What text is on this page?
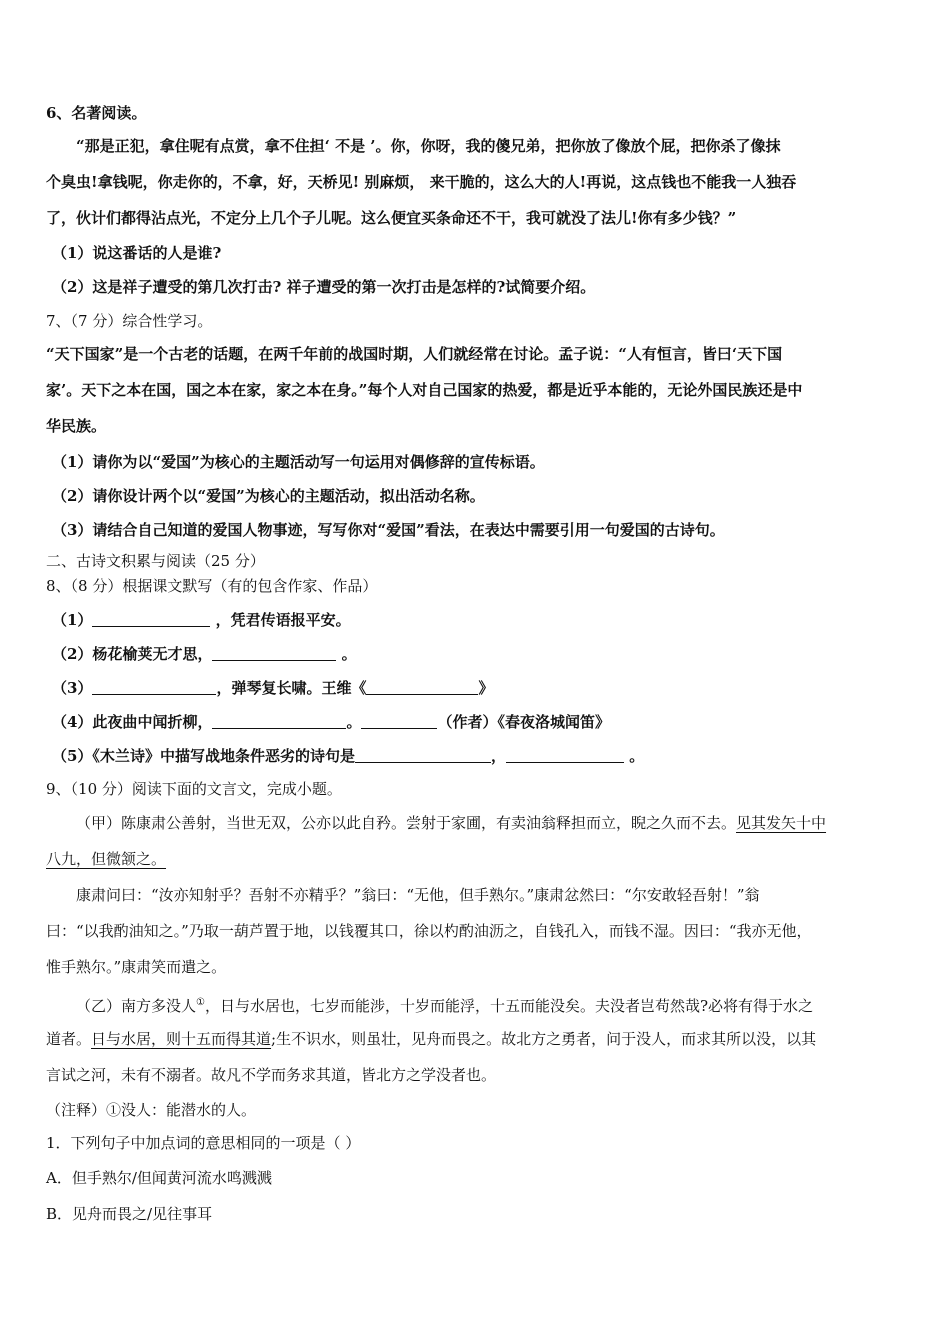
6、名著阅读。
“那是正犯，拿住呢有点赏，拿不住担‘ 不是 ’。你，你呀，我的傻兄弟，把你放了像放个屁，把你杀了像抹
个臭虫!拿钱呢，你走你的，不拿，好，天桥见! 别麻烦， 来干脆的，这么大的人!再说，这点钱也不能我一人独吞
了，伙计们都得沾点光，不定分上几个子儿呢。这么便宜买条命还不干，我可就没了法儿!你有多少钱？”
（1）说这番话的人是谁?
（2）这是祥子遭受的第几次打击? 祥子遭受的第一次打击是怎样的?试简要介绍。
7、（7 分）综合性学习。
“天下国家”是一个古老的话题，在两千年前的战国时期，人们就经常在讨论。孟子说：“人有恒言，皆曰‘天下国
家’。天下之本在国，国之本在家，家之本在身。”每个人对自己国家的热爱，都是近乎本能的，无论外国民族还是中
华民族。
（1）请你为以“爱国”为核心的主题活动写一句运用对偶修辞的宣传标语。
（2）请你设计两个以“爱国”为核心的主题活动，拟出活动名称。
（3）请结合自己知道的爱国人物事迹，写写你对“爱国”看法，在表达中需要引用一句爱国的古诗句。
二、古诗文积累与阅读（25 分）
8、（8 分）根据课文默写（有的包含作家、作品）
（1）	，凭君传语报平安。
（2）杨花榆荚无才思，	。
（3）	，弹琴复长啸。王维《	》
（4）此夜曲中闻折柳，	。	（作者）《春夜洛城闻笛》
（5）《木兰诗》中描写战地条件恶劣的诗句是	，	。
9、（10 分）阅读下面的文言文，完成小题。
（甲）陈康肃公善射，当世无双，公亦以此自矜。尝射于家圃，有卖油翁释担而立，睨之久而不去。见其发矢十中
八九，但微颔之。
康肃问曰：“汝亦知射乎？吾射不亦精乎？”翁曰：“无他，但手熟尔。”康肃忿然曰：“尔安敢轻吾射！”翁
曰：“以我酌油知之。”乃取一葫芦置于地，以钱覆其口，徐以杓酌油沥之，自钱孔入，而钱不湿。因曰：“我亦无他，
惟手熟尔。”康肃笑而遣之。
（乙）南方多没人①，日与水居也，七岁而能涉，十岁而能浮，十五而能没矣。夫没者岂苟然哉?必将有得于水之
道者。日与水居，则十五而得其道;生不识水，则虽壮，见舟而畏之。故北方之勇者，问于没人，而求其所以没，以其
言试之河，未有不溺者。故凡不学而务求其道，皆北方之学没者也。
（注释）①没人：能潜水的人。
1．下列句子中加点词的意思相同的一项是（ ）
A．但手熟尔/但闻黄河流水鸣溅溅
B．见舟而畏之/见往事耳
